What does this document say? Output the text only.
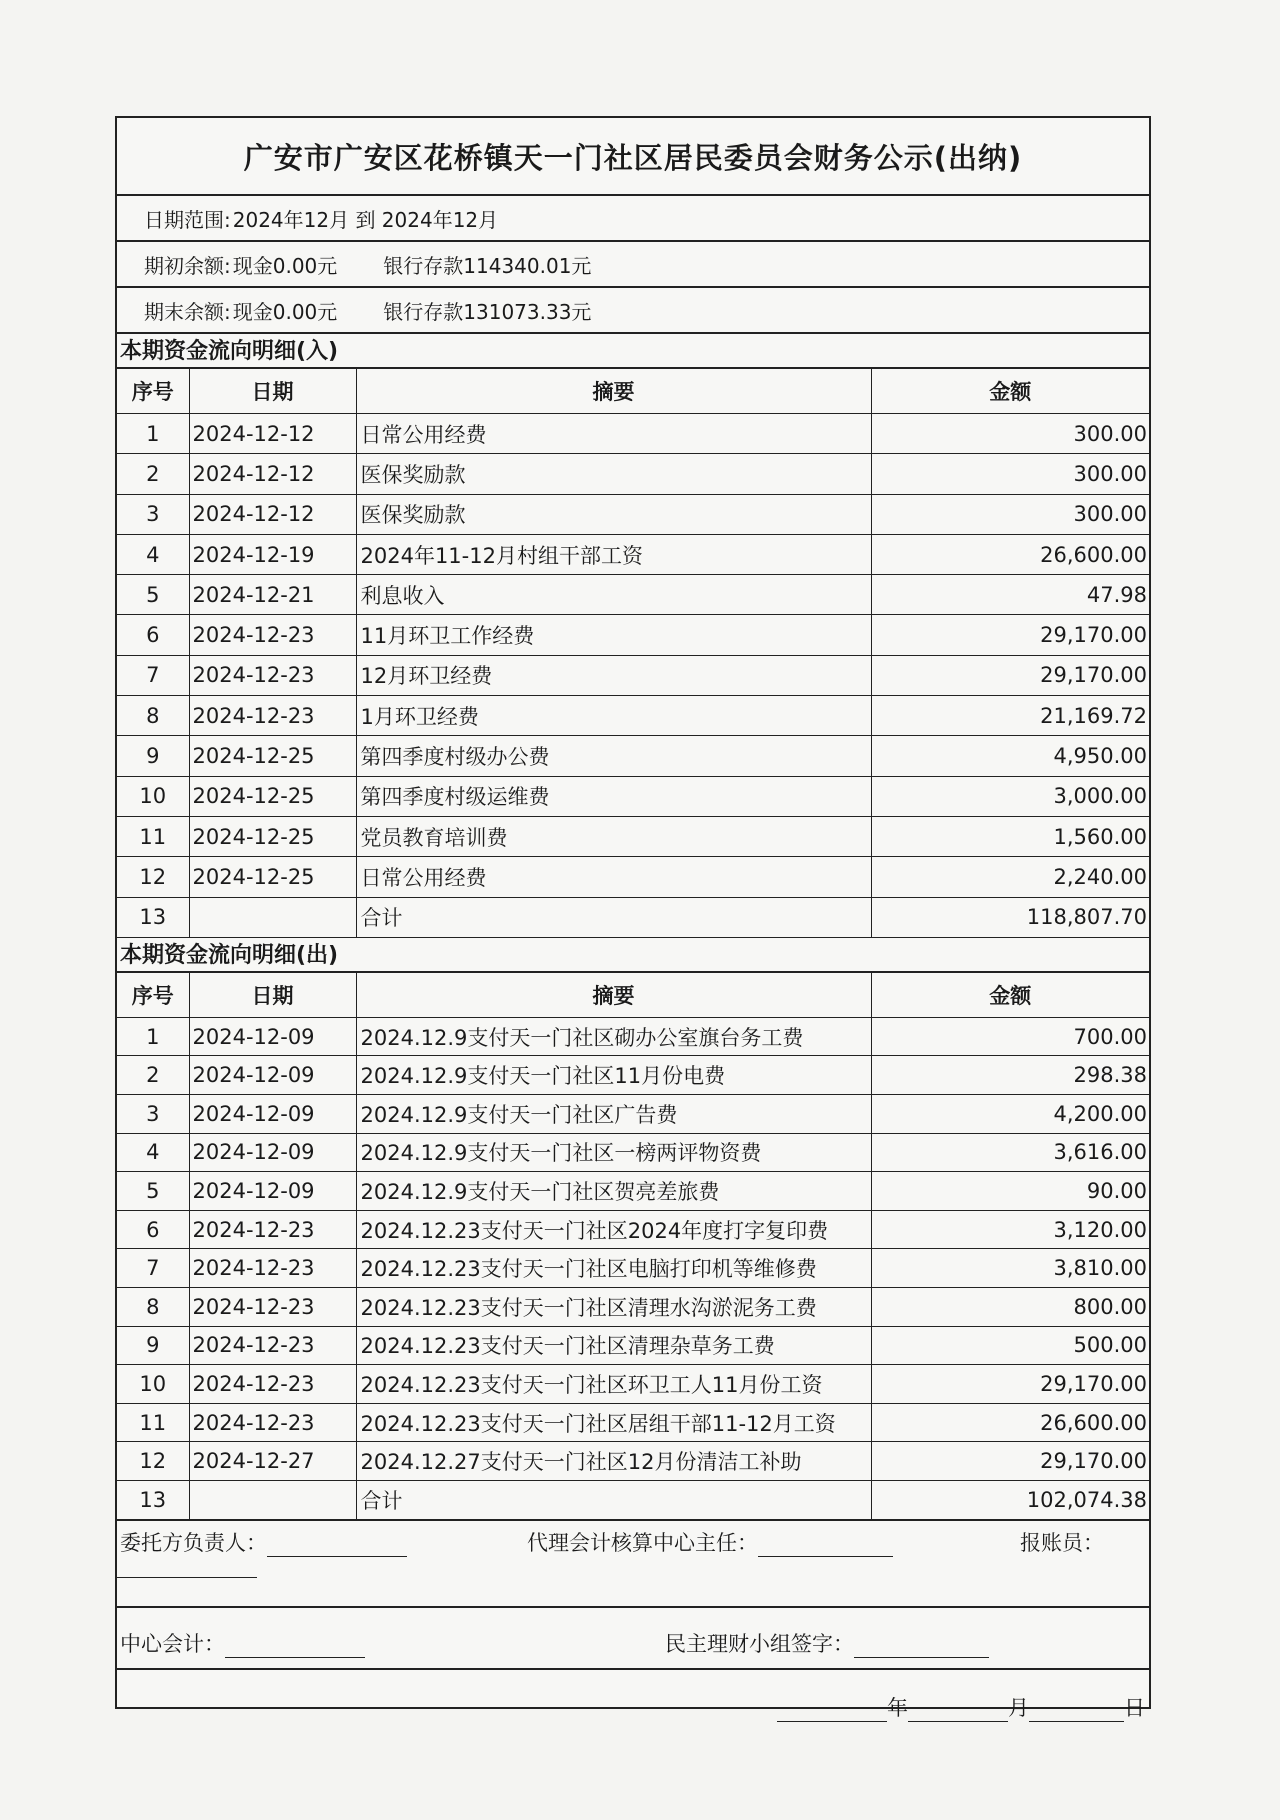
广安市广安区花桥镇天一门社区居民委员会财务公示(出纳)
日期范围: 2024年12月 到 2024年12月
期初余额: 现金0.00元 银行存款114340.01元
期末余额: 现金0.00元 银行存款131073.33元
本期资金流向明细(入)
序号	日期	摘要	金额
1	2024-12-12	日常公用经费	300.00
2	2024-12-12	医保奖励款	300.00
3	2024-12-12	医保奖励款	300.00
4	2024-12-19	2024年11-12月村组干部工资	26,600.00
5	2024-12-21	利息收入	47.98
6	2024-12-23	11月环卫工作经费	29,170.00
7	2024-12-23	12月环卫经费	29,170.00
8	2024-12-23	1月环卫经费	21,169.72
9	2024-12-25	第四季度村级办公费	4,950.00
10	2024-12-25	第四季度村级运维费	3,000.00
11	2024-12-25	党员教育培训费	1,560.00
12	2024-12-25	日常公用经费	2,240.00
13		合计	118,807.70
本期资金流向明细(出)
序号	日期	摘要	金额
1	2024-12-09	2024.12.9支付天一门社区砌办公室旗台务工费	700.00
2	2024-12-09	2024.12.9支付天一门社区11月份电费	298.38
3	2024-12-09	2024.12.9支付天一门社区广告费	4,200.00
4	2024-12-09	2024.12.9支付天一门社区一榜两评物资费	3,616.00
5	2024-12-09	2024.12.9支付天一门社区贺亮差旅费	90.00
6	2024-12-23	2024.12.23支付天一门社区2024年度打字复印费	3,120.00
7	2024-12-23	2024.12.23支付天一门社区电脑打印机等维修费	3,810.00
8	2024-12-23	2024.12.23支付天一门社区清理水沟淤泥务工费	800.00
9	2024-12-23	2024.12.23支付天一门社区清理杂草务工费	500.00
10	2024-12-23	2024.12.23支付天一门社区环卫工人11月份工资	29,170.00
11	2024-12-23	2024.12.23支付天一门社区居组干部11-12月工资	26,600.00
12	2024-12-27	2024.12.27支付天一门社区12月份清洁工补助	29,170.00
13		合计	102,074.38
委托方负责人：	代理会计核算中心主任：	报账员：
中心会计：	民主理财小组签字：
年	月	日
